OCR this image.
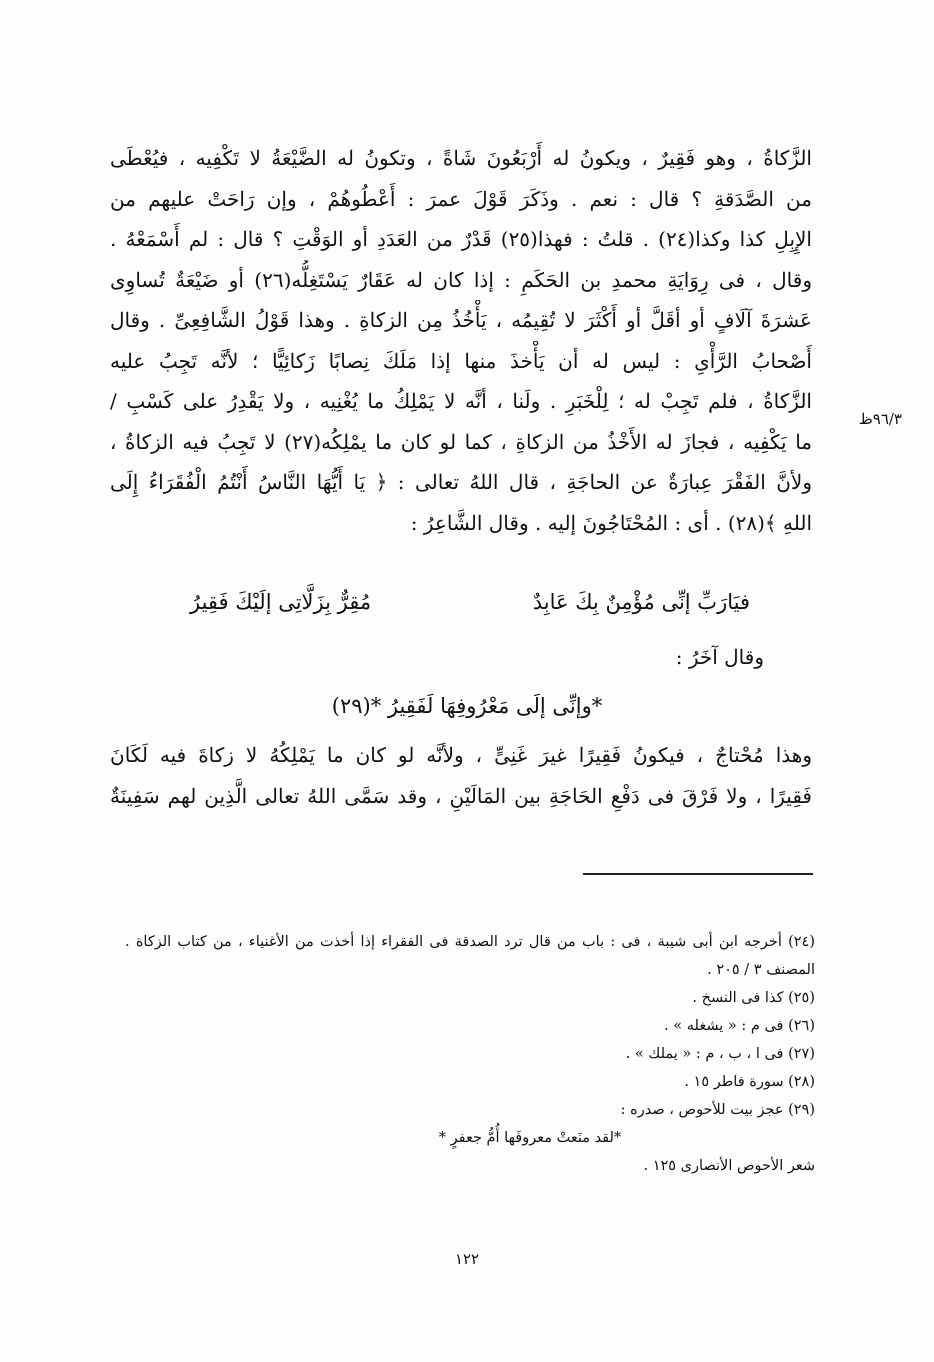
الزَّكاةُ ، وهو فَقِيرٌ ، ويكونُ له أَرْبَعُونَ شَاةً ، وتكونُ له الضَّيْعَةُ لا تَكْفِيه ، فيُعْطَى
من الصَّدَقةِ ؟ قال : نعم . وذَكَرَ قَوْلَ عمرَ : أَعْطُوهُمْ ، وإن رَاحَتْ عليهم من
الإِبِلِ كذا وكذا(٢٤) . قلتُ : فهذا(٢٥) قَدْرٌ من العَدَدِ أو الوَقْتِ ؟ قال : لم أَسْمَعْهُ .
وقال ، فى رِوَايَةِ محمدِ بن الحَكَمِ : إذا كان له عَقَارٌ يَسْتَغِلُّه(٢٦) أو ضَيْعَةٌ تُساوِى
عَشرَةَ آلَافٍ أو أقَلَّ أو أَكْثَرَ لا تُقِيمُه ، يَأْخُذُ مِن الزكاةِ . وهذا قَوْلُ الشَّافِعِىِّ . وقال
أَصْحابُ الرَّأْىِ : ليس له أن يَأْخذَ منها إذا مَلَكَ نِصابًا زَكائِيًّا ؛ لأنَّه تَجِبُ عليه
الزَّكاةُ ، فلم تَجِبْ له ؛ لِلْخَبَرِ . ولَنا ، أنَّه لا يَمْلِكُ ما يُغْنِيه ، ولا يَقْدِرُ على كَسْبِ /
ما يَكْفِيه ، فجازَ له الأَخْذُ من الزكاةِ ، كما لو كان ما يمْلِكُه(٢٧) لا تَجِبُ فيه الزكاةُ ،
ولأنَّ الفَقْرَ عِبارَةٌ عن الحاجَةِ ، قال اللهُ تعالى : ﴿ يَا أَيُّهَا النَّاسُ أَنْتُمُ الْفُقَرَاءُ إِلَى
اللهِ ﴾(٢٨) . أى : المُحْتَاجُونَ إليه . وقال الشَّاعِرُ :
٩٦/٣ظ
فيَارَبِّ إنِّى مُؤْمِنٌ بِكَ عَابِدٌ
مُقِرٌّ بِزَلَّاتِى إلَيْكَ فَقِيرُ
وقال آخَرُ :
*وإنِّى إلَى مَعْرُوفِهَا لَفَقِيرُ *(٢٩)
وهذا مُحْتاجٌ ، فيكونُ فَقِيرًا غيرَ غَنِىٍّ ، ولأنَّه لو كان ما يَمْلِكُهُ لا زكاةَ فيه لَكَانَ
فَقِيرًا ، ولا فَرْقَ فى دَفْعِ الحَاجَةِ بين المَالَيْنِ ، وقد سَمَّى اللهُ تعالى الَّذِين لهم سَفِينَةٌ
(٢٤) أخرجه ابن أبى شيبة ، فى : باب من قال ترد الصدقة فى الفقراء إذا أخذت من الأغنياء ، من كتاب الزكاة . المصنف ٣ / ٢٠٥ .
(٢٥) كذا فى النسخ .
(٢٦) فى م : « يشغله » .
(٢٧) فى ا ، ب ، م : « يملك » .
(٢٨) سورة فاطر ١٥ .
(٢٩) عجز بيت للأحوص ، صدره :
*لقد منَعتْ معروفَها أُمُّ جعفرٍ *
شعر الأحوص الأنصارى ١٢٥ .
١٢٢
